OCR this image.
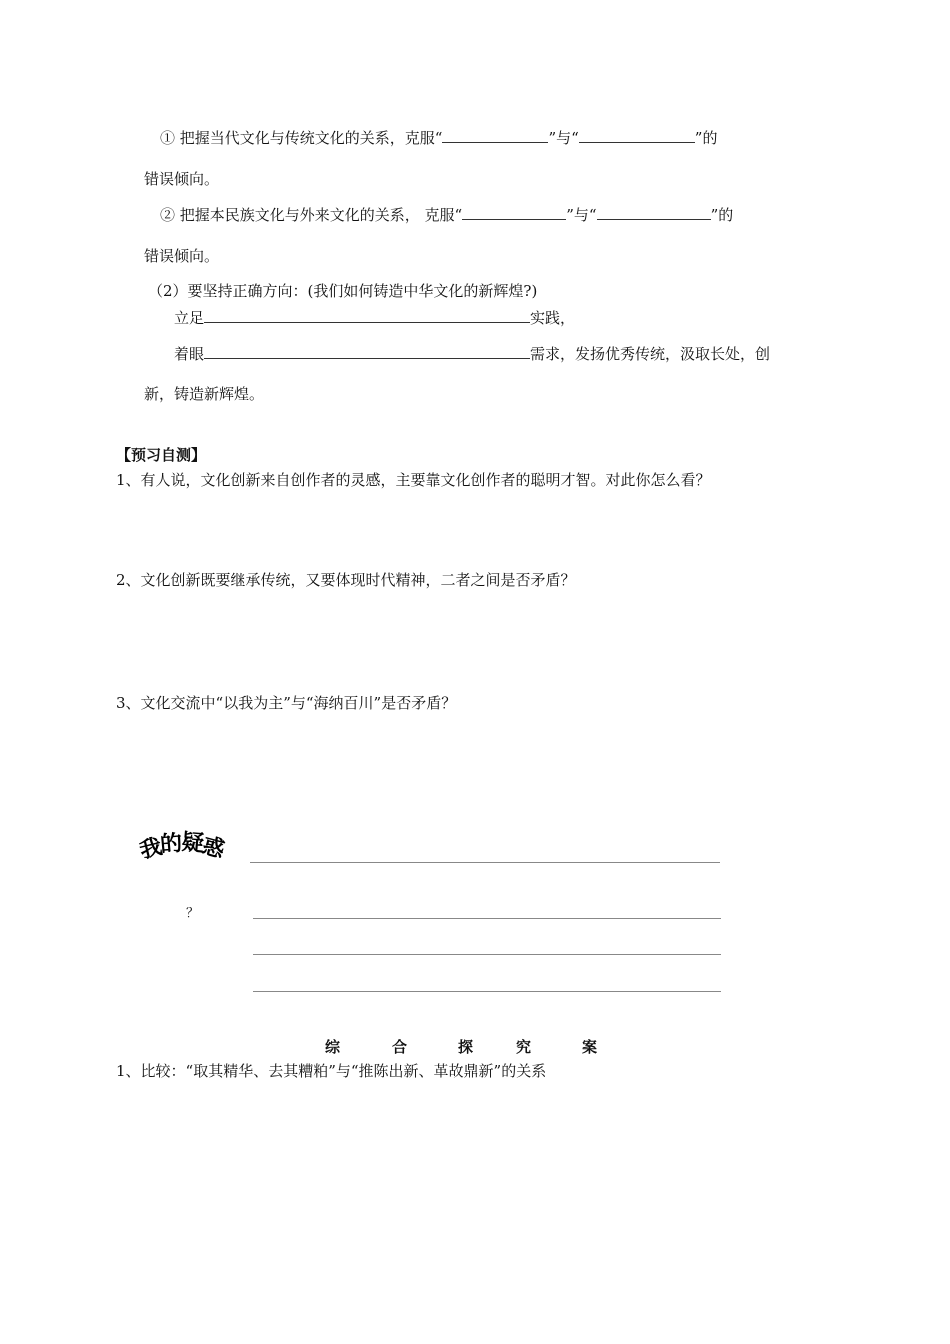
① 把握当代文化与传统文化的关系，克服“	”与“	”的
错误倾向。
② 把握本民族文化与外来文化的关系， 克服“	”与“	”的
错误倾向。
（2）要坚持正确方向：(我们如何铸造中华文化的新辉煌?)
立足	实践，
着眼	需求，发扬优秀传统，汲取长处，创
新，铸造新辉煌。
【预习自测】
1、有人说，文化创新来自创作者的灵感，主要靠文化创作者的聪明才智。对此你怎么看？
2、文化创新既要继承传统，又要体现时代精神，二者之间是否矛盾？
3、文化交流中“以我为主”与“海纳百川”是否矛盾？
我
的
疑
惑
？
综	合	探	究	案
1、比较：“取其精华、去其糟粕”与“推陈出新、革故鼎新”的关系
